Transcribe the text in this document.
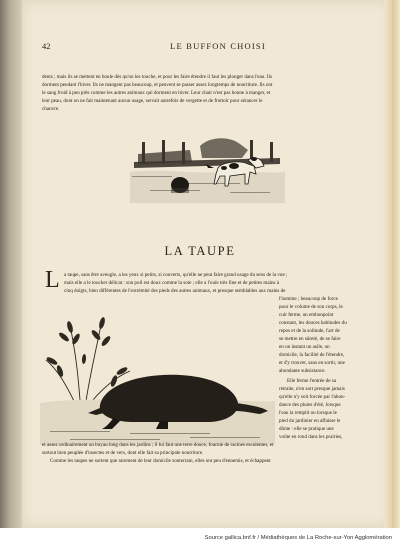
42	LE BUFFON CHOISI
dents ; mais ils se mettent en boule dès qu'on les touche, et pour les faire étendre il faut les plonger dans l'eau. Ils
dorment pendant l'hiver. Ils ne mangent pas beaucoup, et peuvent se passer assez longtemps de nourriture. Ils ont
le sang froid à peu près comme les autres animaux qui dorment en hiver. Leur chair n'est pas bonne à manger, et
leur peau, dont on ne fait maintenant aucun usage, servait autrefois de vergette et de frottoir pour sérancer le
chanvre.
LA TAUPE
L a taupe, sans être aveugle, a les yeux si petits, si couverts, qu'elle ne peut faire grand usage du sens de la vue ;
mais elle a le toucher délicat : son poil est doux comme la soie ; elle a l'ouïe très fine et de petites mains à
cinq doigts, bien différentes de l'extrémité des pieds des autres animaux, et presque semblables aux mains de
l'homme ; beaucoup de force
pour le volume de son corps, le
cuir ferme, un embonpoint
constant, les douces habitudes du
repos et de la solitude, l'art de
se mettre en sûreté, de se faire
en un instant un asile, un
domicile, la facilité de l'étendre,
et d'y trouver, sans en sortir, une
abondante subsistance.
Elle ferme l'entrée de sa
retraite, n'en sort presque jamais
qu'elle n'y soit forcée par l'abon-
dance des pluies d'été, lorsque
l'eau la remplit ou lorsque le
pied du jardinier en affaisse le
dôme : elle se pratique une
voûte en rond dans les prairies,
et assez ordinairement un boyau long dans les jardins ; il lui faut une terre douce, fournie de racines esculentes, et
surtout bien peuplée d'insectes et de vers, dont elle fait sa principale nourriture.
Comme les taupes ne sortent que rarement de leur domicile souterrain, elles ont peu d'ennemis, et échappent
Source gallica.bnf.fr / Médiathèques de La Roche-sur-Yon Agglomération
